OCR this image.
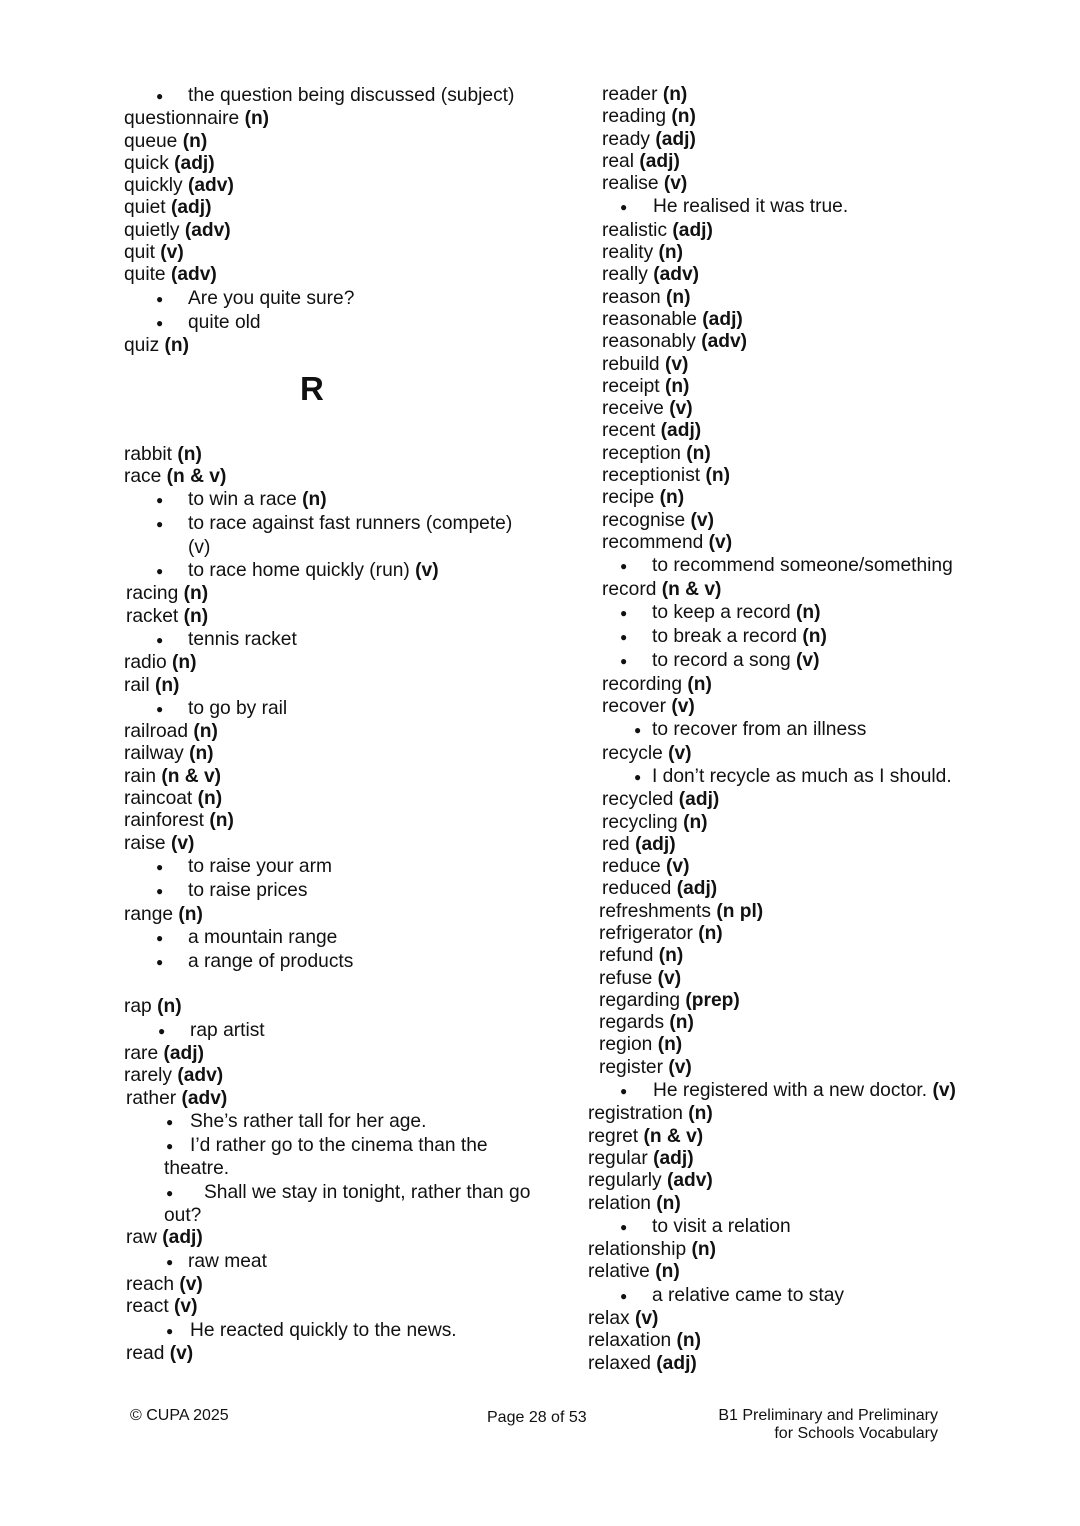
● the question being discussed (subject)
questionnaire (n)
queue (n)
quick (adj)
quickly (adv)
quiet (adj)
quietly (adv)
quit (v)
quite (adv)
● Are you quite sure?
● quite old
quiz (n)
R
rabbit (n)
race (n & v)
● to win a race (n)
● to race against fast runners (compete)
(v)
● to race home quickly (run) (v)
racing (n)
racket (n)
● tennis racket
radio (n)
rail (n)
● to go by rail
railroad (n)
railway (n)
rain (n & v)
raincoat (n)
rainforest (n)
raise (v)
● to raise your arm
● to raise prices
range (n)
● a mountain range
● a range of products
rap (n)
● rap artist
rare (adj)
rarely (adv)
rather (adv)
● She’s rather tall for her age.
● I’d rather go to the cinema than the
theatre.
● Shall we stay in tonight, rather than go
out?
raw (adj)
● raw meat
reach (v)
react (v)
● He reacted quickly to the news.
read (v)
reader (n)
reading (n)
ready (adj)
real (adj)
realise (v)
● He realised it was true.
realistic (adj)
reality (n)
really (adv)
reason (n)
reasonable (adj)
reasonably (adv)
rebuild (v)
receipt (n)
receive (v)
recent (adj)
reception (n)
receptionist (n)
recipe (n)
recognise (v)
recommend (v)
● to recommend someone/something
record (n & v)
● to keep a record (n)
● to break a record (n)
● to record a song (v)
recording (n)
recover (v)
● to recover from an illness
recycle (v)
● I don’t recycle as much as I should.
recycled (adj)
recycling (n)
red (adj)
reduce (v)
reduced (adj)
refreshments (n pl)
refrigerator (n)
refund (n)
refuse (v)
regarding (prep)
regards (n)
region (n)
register (v)
● He registered with a new doctor. (v)
registration (n)
regret (n & v)
regular (adj)
regularly (adv)
relation (n)
● to visit a relation
relationship (n)
relative (n)
● a relative came to stay
relax (v)
relaxation (n)
relaxed (adj)
© CUPA 2025	Page 28 of 53	B1 Preliminary and Preliminary
for Schools Vocabulary
